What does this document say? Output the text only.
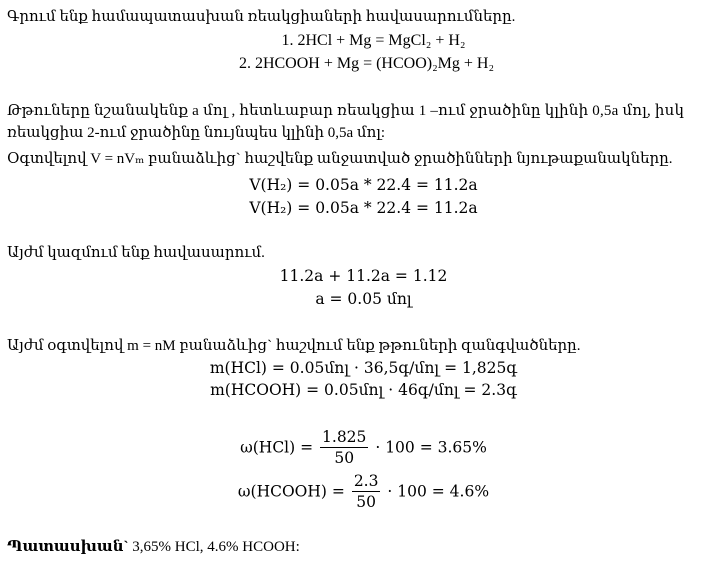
Գրում ենք համապատասխան ռեակցիաների հավասարումները.
1. 2HCl + Mg = MgCl₂ + H₂
2. 2HCOOH + Mg = (HCOO)₂Mg + H₂
Թթուները նշանակենք a մոլ , հետևաբար ռեակցիա 1 –ում ջրածինը կլինի 0,5a մոլ, իսկ
ռեակցիա 2-ում ջրածինը նույնպես կլինի 0,5a մոլ:
Օգտվելով V = nVₘ բանաձևից` հաշվենք անջատված ջրածինների նյութաքանակները.
V(H₂) = 0.05a * 22.4 = 11.2a
V(H₂) = 0.05a * 22.4 = 11.2a
Այժմ կազմում ենք հավասարում.
11.2a + 11.2a = 1.12
a = 0.05 մոլ
Այժմ օգտվելով m = nM բանաձևից` հաշվում ենք թթուների զանգվածները.
m(HCl) = 0.05մոլ · 36,5գ/մոլ = 1,825գ
m(HCOOH) = 0.05մոլ · 46գ/մոլ = 2.3գ
$\omega(HCl) = \frac{1.825}{50} \cdot 100 = 3.65\%$
ω(HCOOH) = $\frac{2.3}{50} \cdot 100 = 4.6\%$
Պատասխան` 3,65% HCl, 4.6% HCOOH:
